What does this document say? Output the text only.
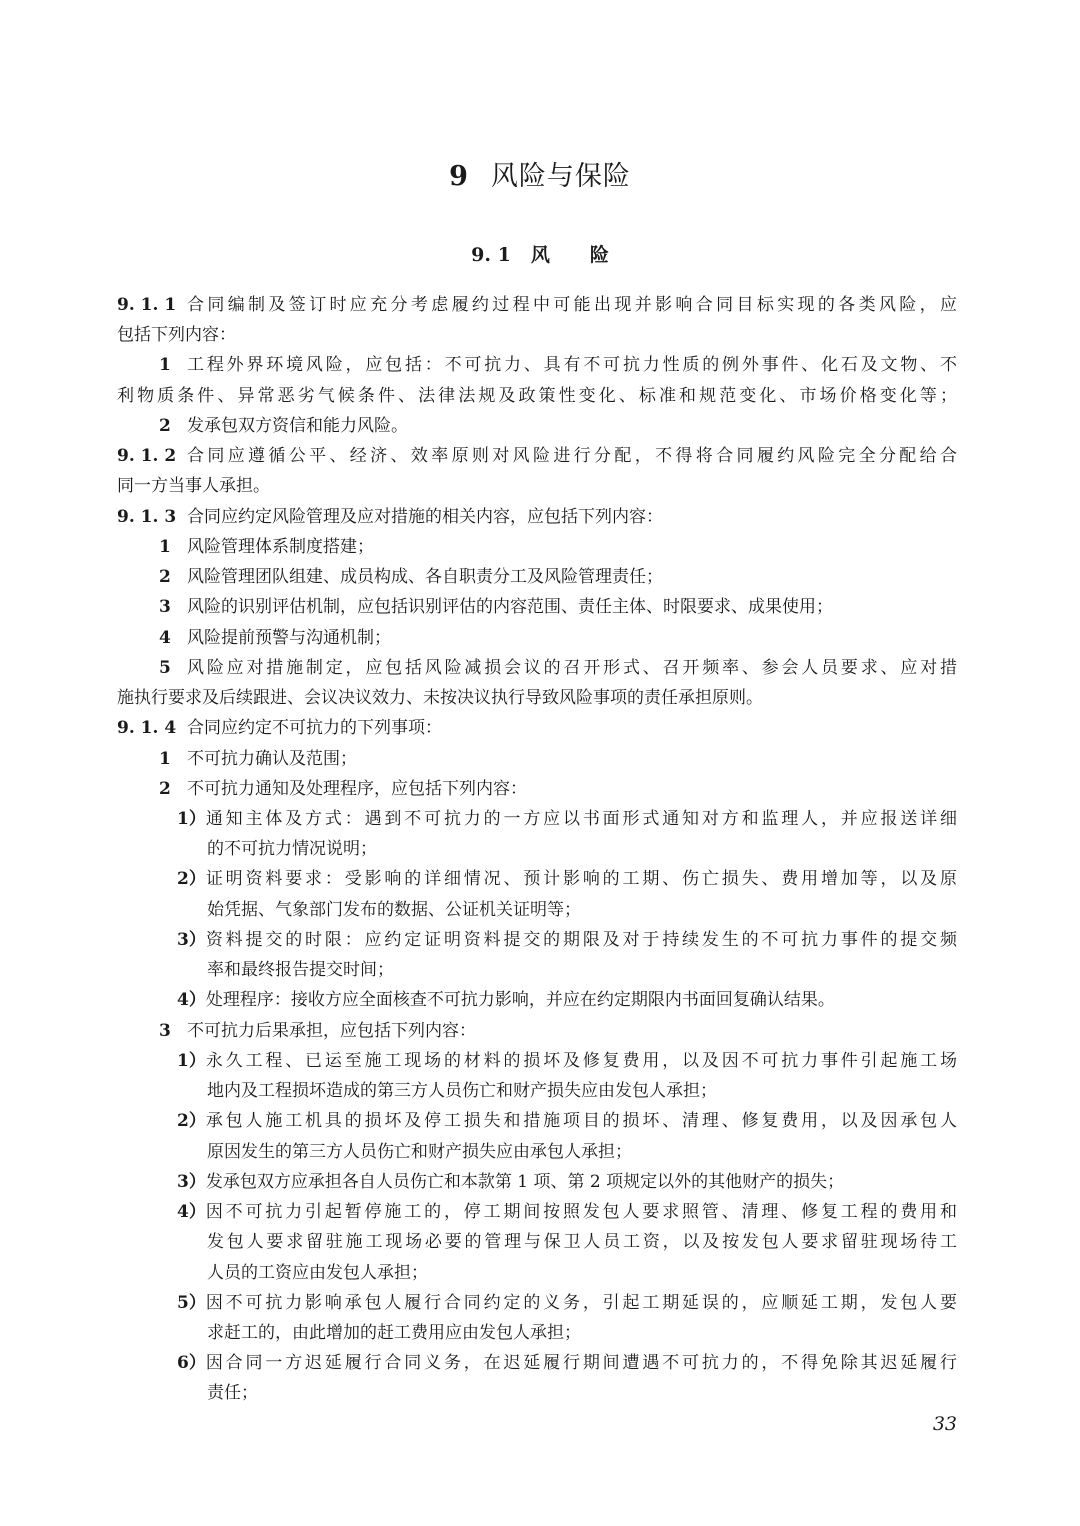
9 风险与保险
9. 1 风险
9. 1. 1 合同编制及签订时应充分考虑履约过程中可能出现并影响合同目标实现的各类风险，应
包括下列内容：
1 工程外界环境风险，应包括：不可抗力、具有不可抗力性质的例外事件、化石及文物、不
利物质条件、异常恶劣气候条件、法律法规及政策性变化、标准和规范变化、市场价格变化等；
2 发承包双方资信和能力风险。
9. 1. 2 合同应遵循公平、经济、效率原则对风险进行分配，不得将合同履约风险完全分配给合
同一方当事人承担。
9. 1. 3 合同应约定风险管理及应对措施的相关内容，应包括下列内容：
1 风险管理体系制度搭建；
2 风险管理团队组建、成员构成、各自职责分工及风险管理责任；
3 风险的识别评估机制，应包括识别评估的内容范围、责任主体、时限要求、成果使用；
4 风险提前预警与沟通机制；
5 风险应对措施制定，应包括风险减损会议的召开形式、召开频率、参会人员要求、应对措
施执行要求及后续跟进、会议决议效力、未按决议执行导致风险事项的责任承担原则。
9. 1. 4 合同应约定不可抗力的下列事项：
1 不可抗力确认及范围；
2 不可抗力通知及处理程序，应包括下列内容：
1）通知主体及方式：遇到不可抗力的一方应以书面形式通知对方和监理人，并应报送详细
的不可抗力情况说明；
2）证明资料要求：受影响的详细情况、预计影响的工期、伤亡损失、费用增加等，以及原
始凭据、气象部门发布的数据、公证机关证明等；
3）资料提交的时限：应约定证明资料提交的期限及对于持续发生的不可抗力事件的提交频
率和最终报告提交时间；
4）处理程序：接收方应全面核查不可抗力影响，并应在约定期限内书面回复确认结果。
3 不可抗力后果承担，应包括下列内容：
1）永久工程、已运至施工现场的材料的损坏及修复费用，以及因不可抗力事件引起施工场
地内及工程损坏造成的第三方人员伤亡和财产损失应由发包人承担；
2）承包人施工机具的损坏及停工损失和措施项目的损坏、清理、修复费用，以及因承包人
原因发生的第三方人员伤亡和财产损失应由承包人承担；
3）发承包双方应承担各自人员伤亡和本款第 1 项、第 2 项规定以外的其他财产的损失；
4）因不可抗力引起暂停施工的，停工期间按照发包人要求照管、清理、修复工程的费用和
发包人要求留驻施工现场必要的管理与保卫人员工资，以及按发包人要求留驻现场待工
人员的工资应由发包人承担；
5）因不可抗力影响承包人履行合同约定的义务，引起工期延误的，应顺延工期，发包人要
求赶工的，由此增加的赶工费用应由发包人承担；
6）因合同一方迟延履行合同义务，在迟延履行期间遭遇不可抗力的，不得免除其迟延履行
责任；
33
